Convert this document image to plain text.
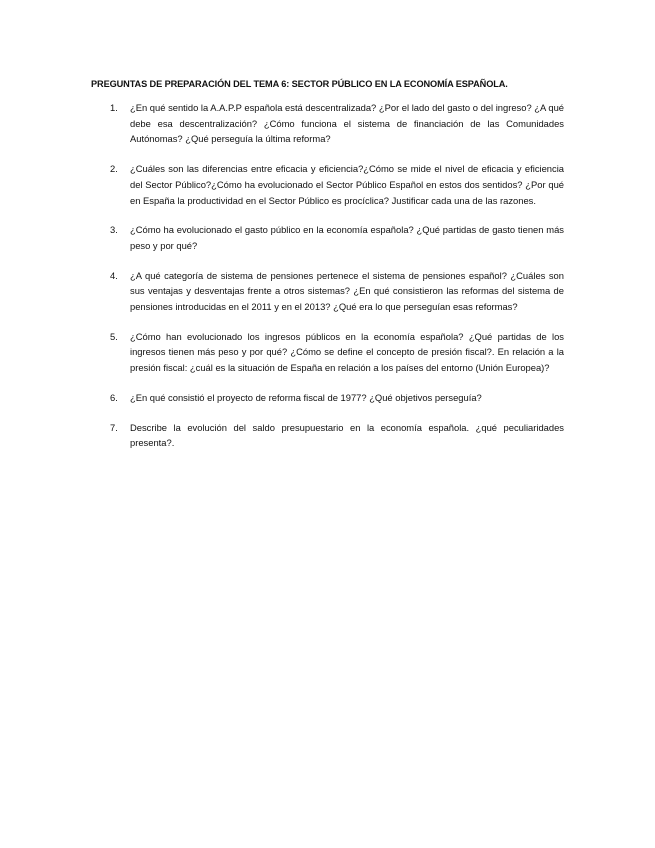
PREGUNTAS DE PREPARACIÓN DEL TEMA 6: SECTOR PÚBLICO EN LA ECONOMÍA ESPAÑOLA.
1.	¿En qué sentido la A.A.P.P española está descentralizada? ¿Por el lado del gasto o del ingreso? ¿A qué debe esa descentralización? ¿Cómo funciona el sistema de financiación de las Comunidades Autónomas? ¿Qué perseguía la última reforma?
2.	¿Cuáles son las diferencias entre eficacia y eficiencia?¿Cómo se mide el nivel de eficacia y eficiencia del Sector Público?¿Cómo ha evolucionado el Sector Público Español en estos dos sentidos? ¿Por qué en España la productividad en el Sector Público es procíclica? Justificar cada una de las razones.
3.	¿Cómo ha evolucionado el gasto público en la economía española? ¿Qué partidas de gasto tienen más peso y por qué?
4.	¿A qué categoría de sistema de pensiones pertenece el sistema de pensiones español? ¿Cuáles son sus ventajas y desventajas frente a otros sistemas? ¿En qué consistieron las reformas del sistema de pensiones introducidas en el 2011 y en el 2013? ¿Qué era lo que perseguían esas reformas?
5.	¿Cómo han evolucionado los ingresos públicos en la economía española? ¿Qué partidas de los ingresos tienen más peso y por qué? ¿Cómo se define el concepto de presión fiscal?. En relación a la presión fiscal: ¿cuál es la situación de España en relación a los países del entorno (Unión Europea)?
6.	¿En qué consistió el proyecto de reforma fiscal de 1977? ¿Qué objetivos perseguía?
7.	Describe la evolución del saldo presupuestario en la economía española. ¿qué peculiaridades presenta?.
